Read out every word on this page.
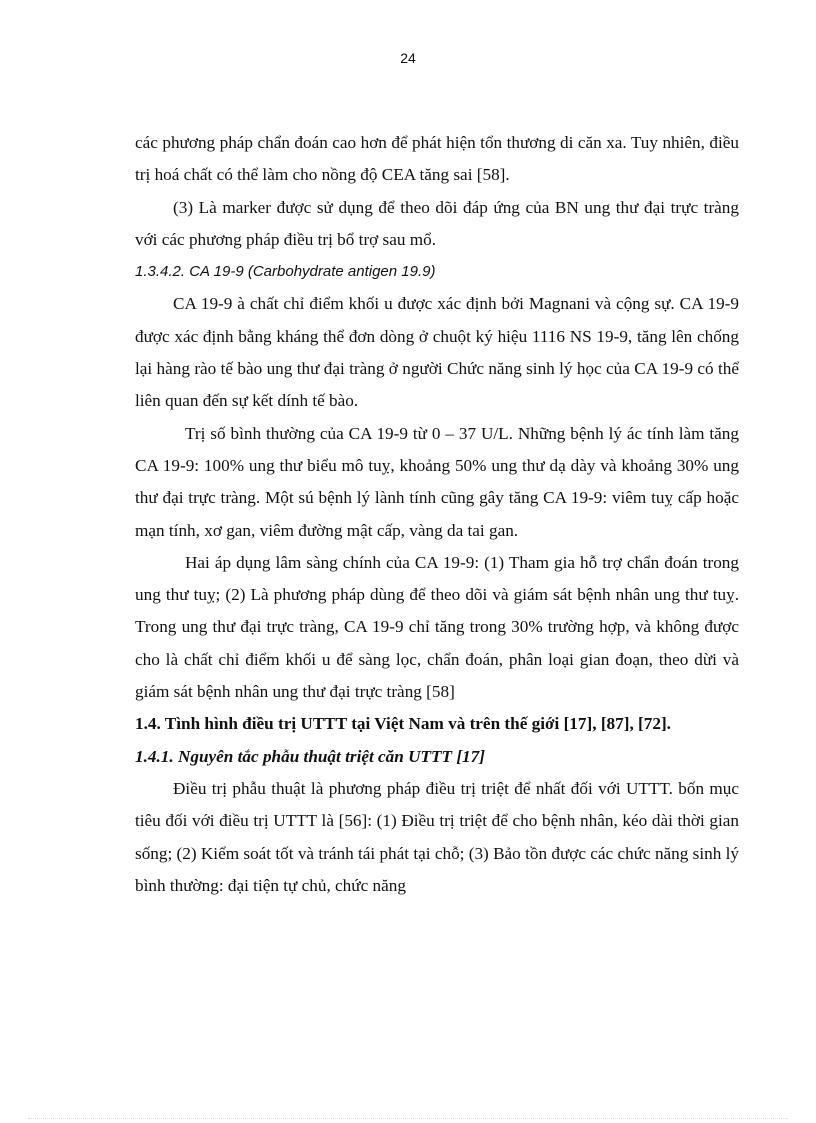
24

các phương pháp chẩn đoán cao hơn để phát hiện tổn thương di căn xa. Tuy nhiên, điều trị hoá chất có thể làm cho nồng độ CEA tăng sai [58].

(3) Là marker được sử dụng để theo dõi đáp ứng của BN ung thư đại trực tràng với các phương pháp điều trị bổ trợ sau mổ.

1.3.4.2. CA 19-9 (Carbohydrate antigen 19.9)

CA 19-9 à chất chỉ điểm khối u được xác định bởi Magnani và cộng sự. CA 19-9 được xác định bằng kháng thể đơn dòng ở chuột ký hiệu 1116 NS 19-9, tăng lên chống lại hàng rào tế bào ung thư đại tràng ở người Chức năng sinh lý học của CA 19-9 có thể liên quan đến sự kết dính tế bào.

Trị số bình thường của CA 19-9 từ 0 – 37 U/L. Những bệnh lý ác tính làm tăng CA 19-9: 100% ung thư biểu mô tuỵ, khoảng 50% ung thư dạ dày và khoảng 30% ung thư đại trực tràng. Một sú bệnh lý lành tính cũng gây tăng CA 19-9: viêm tuỵ cấp hoặc mạn tính, xơ gan, viêm đường mật cấp, vàng da tai gan.

Hai áp dụng lâm sàng chính của CA 19-9: (1) Tham gia hỗ trợ chẩn đoán trong ung thư tuỵ; (2) Là phương pháp dùng để theo dõi và giám sát bệnh nhân ung thư tuỵ. Trong ung thư đại trực tràng, CA 19-9 chỉ tăng trong 30% trường hợp, và không được cho là chất chỉ điểm khối u để sàng lọc, chẩn đoán, phân loại gian đoạn, theo dừi và giám sát bệnh nhân ung thư đại trực tràng [58]

1.4. Tình hình điều trị UTTT tại Việt Nam và trên thế giới [17], [87], [72].

1.4.1. Nguyên tắc phẫu thuật triệt căn UTTT [17]

Điều trị phẫu thuật là phương pháp điều trị triệt để nhất đối với UTTT. bốn mục tiêu đối với điều trị UTTT là [56]: (1) Điều trị triệt để cho bệnh nhân, kéo dài thời gian sống; (2) Kiểm soát tốt và tránh tái phát tại chỗ; (3) Bảo tồn được các chức năng sinh lý bình thường: đại tiện tự chủ, chức năng
